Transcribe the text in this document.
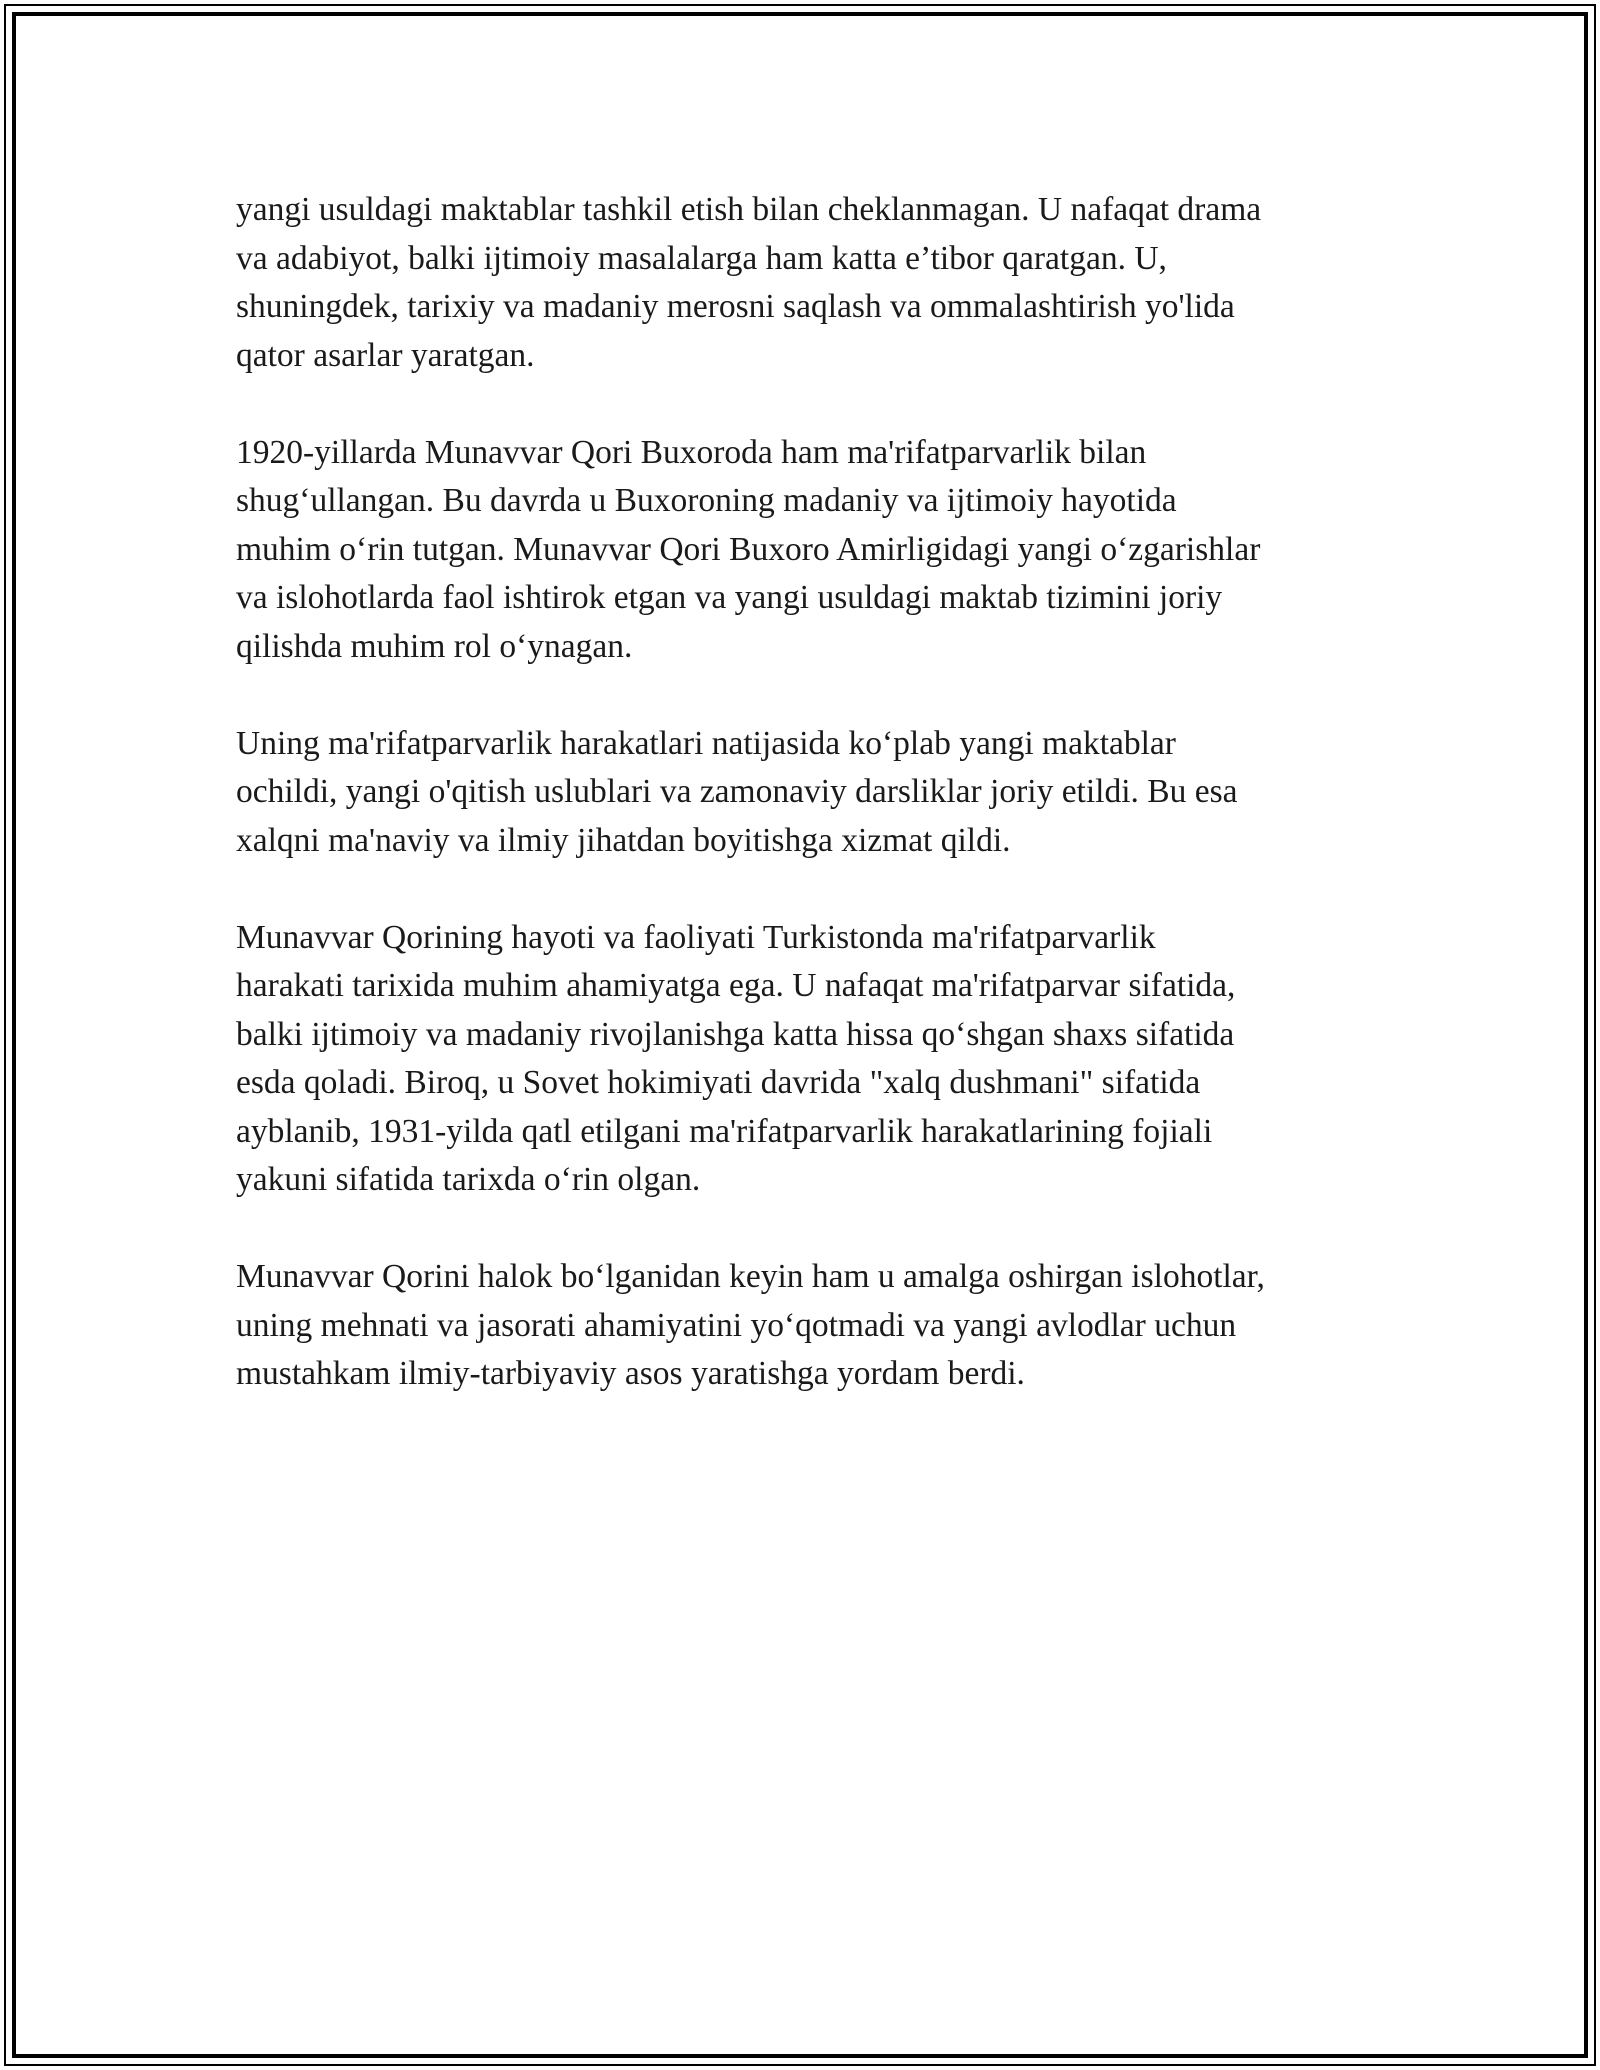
yangi usuldagi maktablar tashkil etish bilan cheklanmagan. U nafaqat drama
va adabiyot, balki ijtimoiy masalalarga ham katta e’tibor qaratgan. U,
shuningdek, tarixiy va madaniy merosni saqlash va ommalashtirish yo'lida
qator asarlar yaratgan.

1920-yillarda Munavvar Qori Buxoroda ham ma'rifatparvarlik bilan
shug‘ullangan. Bu davrda u Buxoroning madaniy va ijtimoiy hayotida
muhim o‘rin tutgan. Munavvar Qori Buxoro Amirligidagi yangi o‘zgarishlar
va islohotlarda faol ishtirok etgan va yangi usuldagi maktab tizimini joriy
qilishda muhim rol o‘ynagan.

Uning ma'rifatparvarlik harakatlari natijasida ko‘plab yangi maktablar
ochildi, yangi o'qitish uslublari va zamonaviy darsliklar joriy etildi. Bu esa
xalqni ma'naviy va ilmiy jihatdan boyitishga xizmat qildi.

Munavvar Qorining hayoti va faoliyati Turkistonda ma'rifatparvarlik
harakati tarixida muhim ahamiyatga ega. U nafaqat ma'rifatparvar sifatida,
balki ijtimoiy va madaniy rivojlanishga katta hissa qo‘shgan shaxs sifatida
esda qoladi. Biroq, u Sovet hokimiyati davrida "xalq dushmani" sifatida
ayblanib, 1931-yilda qatl etilgani ma'rifatparvarlik harakatlarining fojiali
yakuni sifatida tarixda o‘rin olgan.

Munavvar Qorini halok bo‘lganidan keyin ham u amalga oshirgan islohotlar,
uning mehnati va jasorati ahamiyatini yo‘qotmadi va yangi avlodlar uchun
mustahkam ilmiy-tarbiyaviy asos yaratishga yordam berdi.
